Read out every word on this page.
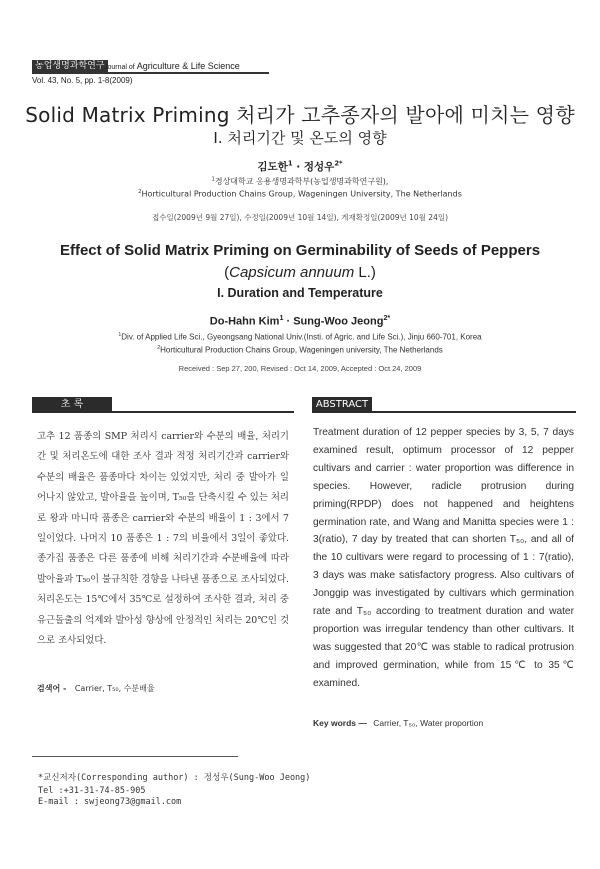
농업생명과학연구 Journal of Agriculture & Life Science
Vol. 43, No. 5, pp. 1-8(2009)
Solid Matrix Priming 처리가 고추종자의 발아에 미치는 영향
I. 처리기간 및 온도의 영향
김도한$^1$ · 정성우$^{2*}$
$^1$경상대학교 응용생명과학부(농업생명과학연구원),
$^2$Horticultural Production Chains Group, Wageningen University, The Netherlands
접수일(2009년 9월 27일), 수정일(2009년 10월 14일), 게재확정일(2009년 10월 24일)
Effect of Solid Matrix Priming on Germinability of Seeds of Peppers
(Capsicum annuum L.)
I. Duration and Temperature
Do-Hahn Kim$^1$ · Sung-Woo Jeong$^{2*}$
$^1$Div. of Applied Life Sci., Gyeongsang National Univ.(Insti. of Agric. and Life Sci.), Jinju 660-701, Korea
$^2$Horticultural Production Chains Group, Wageningen university, The Netherlands
Received : Sep 27, 200, Revised : Oct 14, 2009, Accepted : Oct 24, 2009
초 록	ABSTRACT
고추 12 품종의 SMP 처리시 carrier와 수분의 배율, 처리기간 및 처리온도에 대한 조사 결과 적정 처리기간과 carrier와 수분의 배율은 품종마다 차이는 있었지만, 처리 중 발아가 일어나지 않았고, 발아율을 높이며, T₅₀을 단축시킬 수 있는 처리로 왕과 마니따 품종은 carrier와 수분의 배율이 1 : 3에서 7일이었다. 나머지 10 품종은 1 : 7의 비율에서 3일이 좋았다. 종가집 품종은 다른 품종에 비해 처리기간과 수분배율에 따라 발아율과 T₅₀이 불규칙한 경향을 나타낸 품종으로 조사되었다. 처리온도는 15℃에서 35℃로 설정하여 조사한 결과, 처리 중 유근돌출의 억제와 발아성 향상에 안정적인 처리는 20℃인 것으로 조사되었다.
검색어 - Carrier, T₅₀, 수분배율
Treatment duration of 12 pepper species by 3, 5, 7 days examined result, optimum processor of 12 pepper cultivars and carrier : water proportion was difference in species. However, radicle protrusion during priming(RPDP) does not happened and heightens germination rate, and Wang and Manitta species were 1 : 3(ratio), 7 day by treated that can shorten T₅₀, and all of the 10 cultivars were regard to processing of 1 : 7(ratio), 3 days was make satisfactory progress. Also cultivars of Jonggip was investigated by cultivars which germination rate and T₅₀ according to treatment duration and water proportion was irregular tendency than other cultivars. It was suggested that 20℃ was stable to radical protrusion and improved germination, while from 15℃ to 35℃ examined.
Key words — Carrier, T₅₀, Water proportion
*교신저자(Corresponding author) : 정성우(Sung-Woo Jeong)
Tel :+31-31-74-85-905
E-mail : swjeong73@gmail.com
